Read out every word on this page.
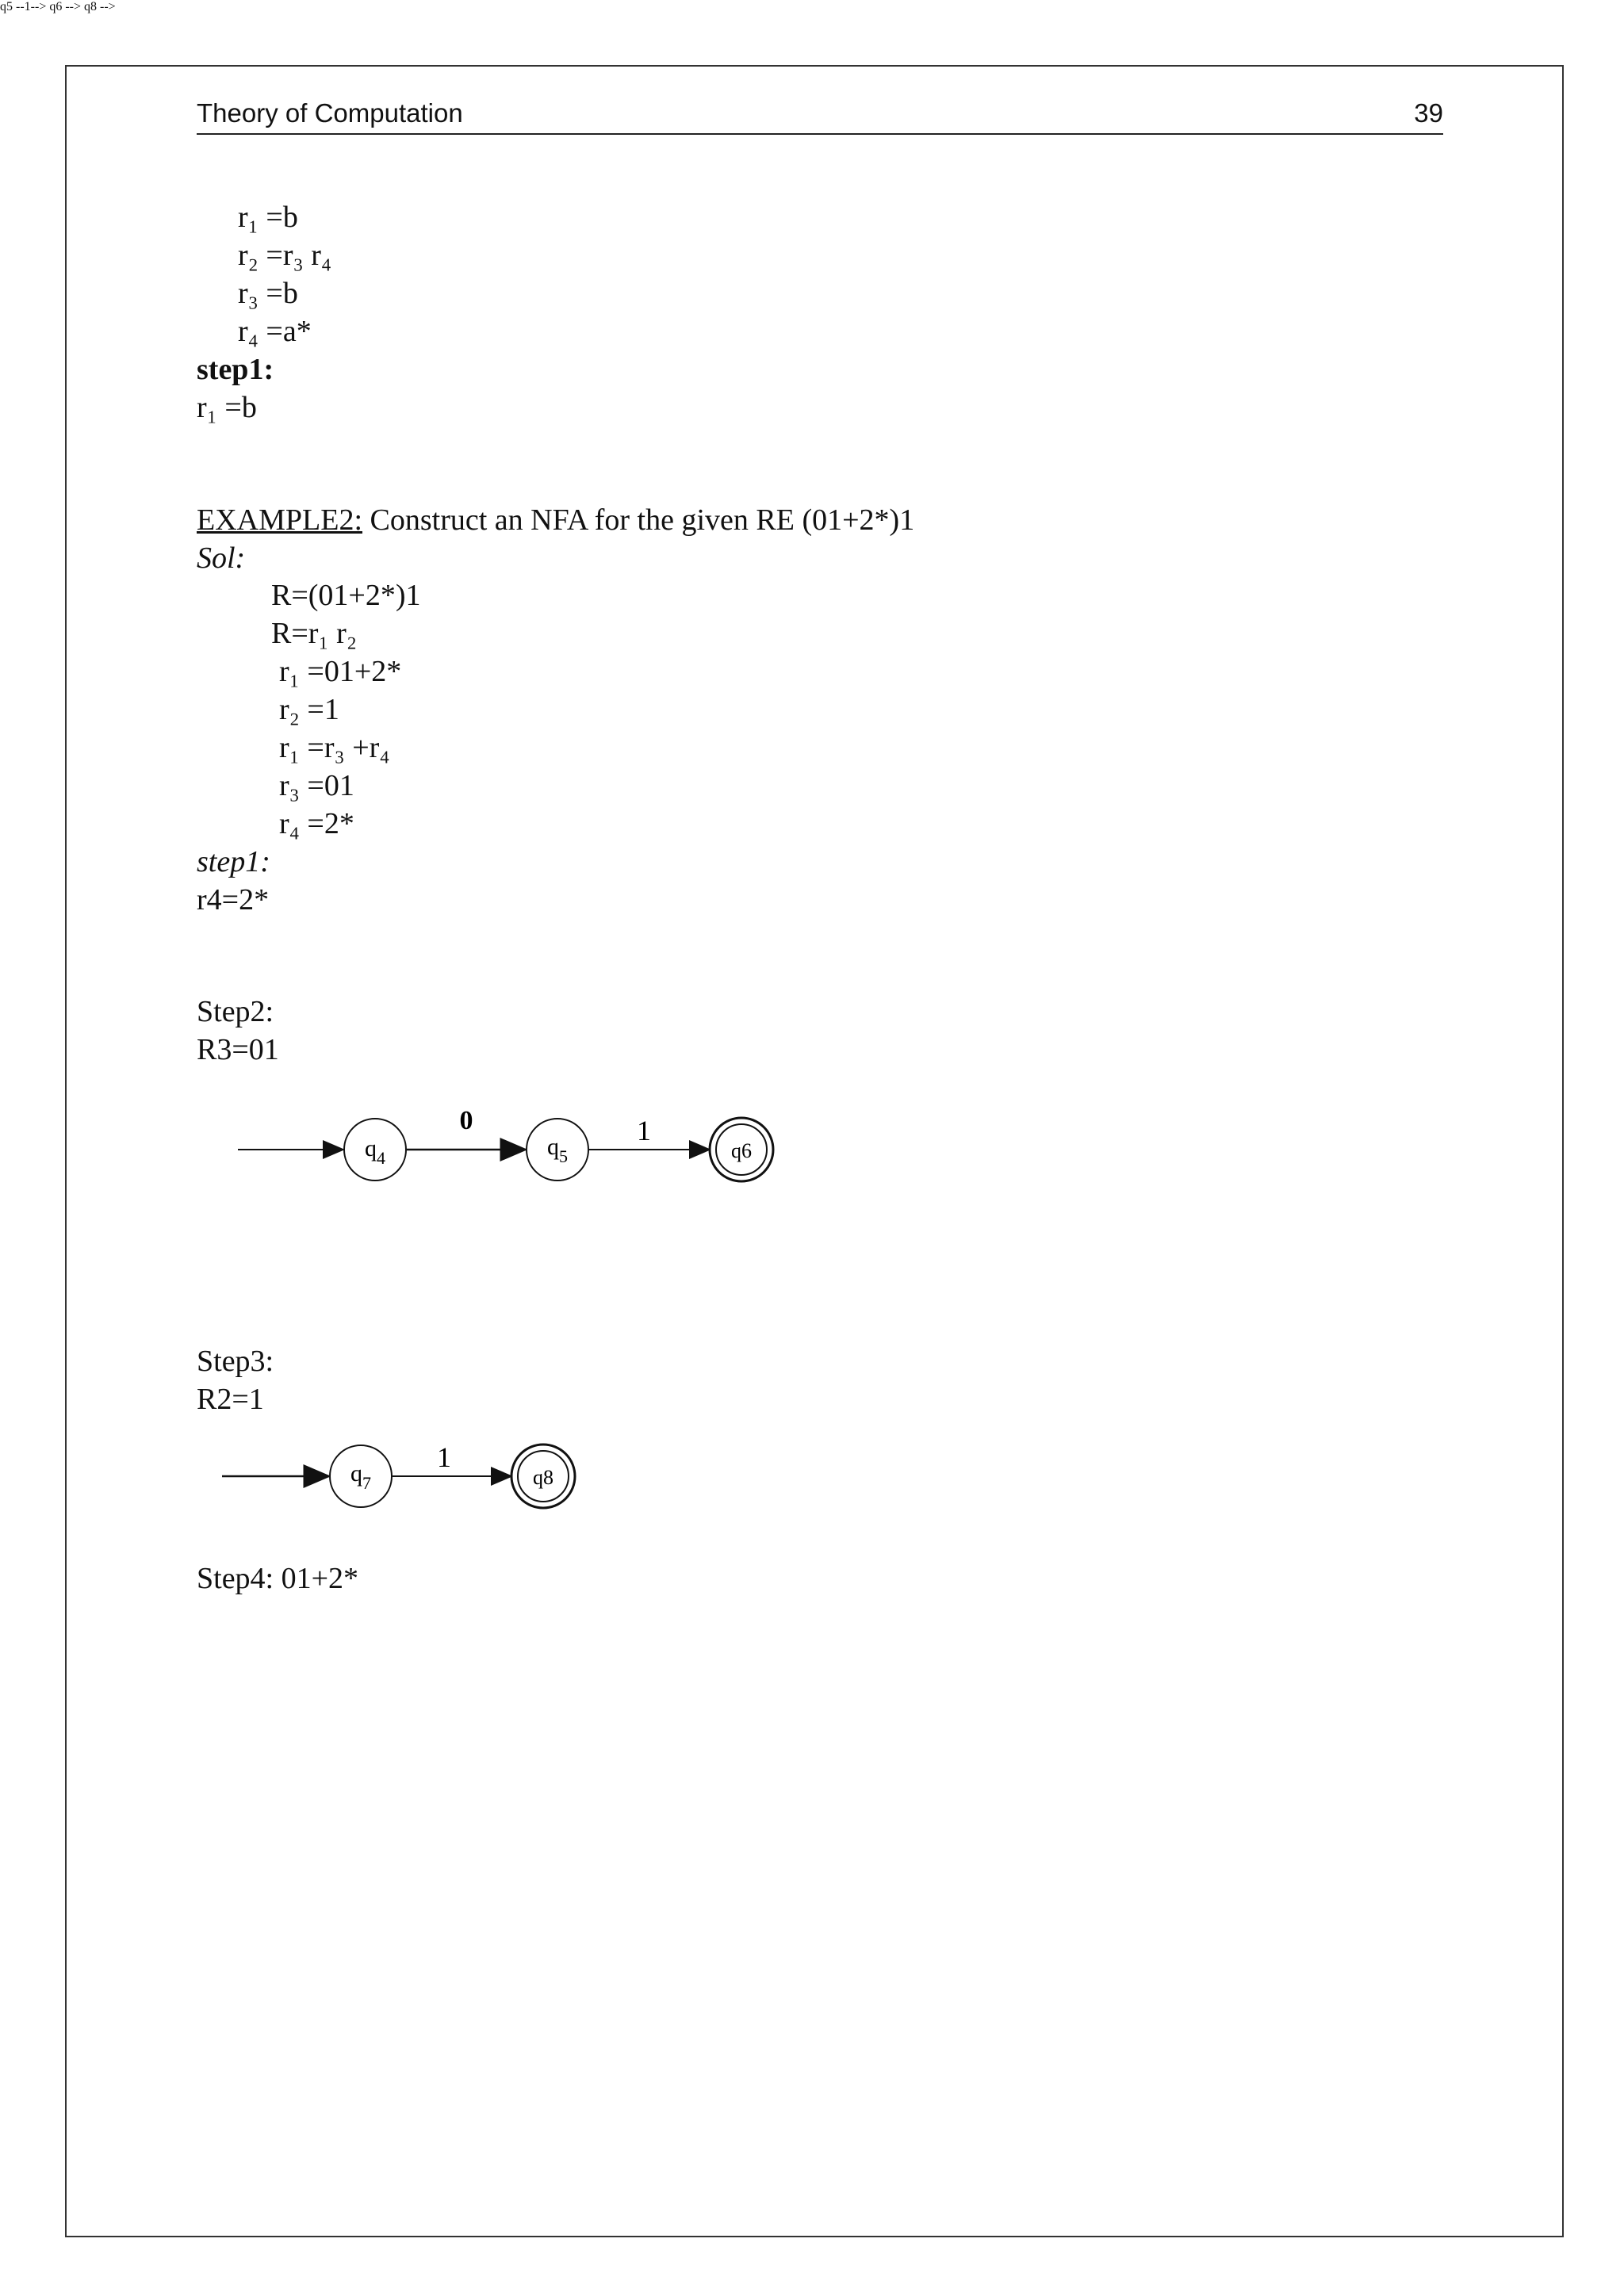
Theory of Computation	39
r₁ =b
r₂ =r₃ r₄
r₃ =b
r₄ =a*
step1:
r₁ =b
EXAMPLE2: Construct an NFA for the given RE (01+2*)1
Sol:
R=(01+2*)1
R=r₁ r₂
r₁ =01+2*
r₂ =1
r₁ =r₃ +r₄
r₃ =01
r₄ =2*
step1:
r4=2*
Step2:
R3=01
q5 --1--> q6 -->
0	1
$q_4$	$q_5$	q6
Step3:
R2=1
q8 -->
1
$q_7$	q8
Step4: 01+2*
